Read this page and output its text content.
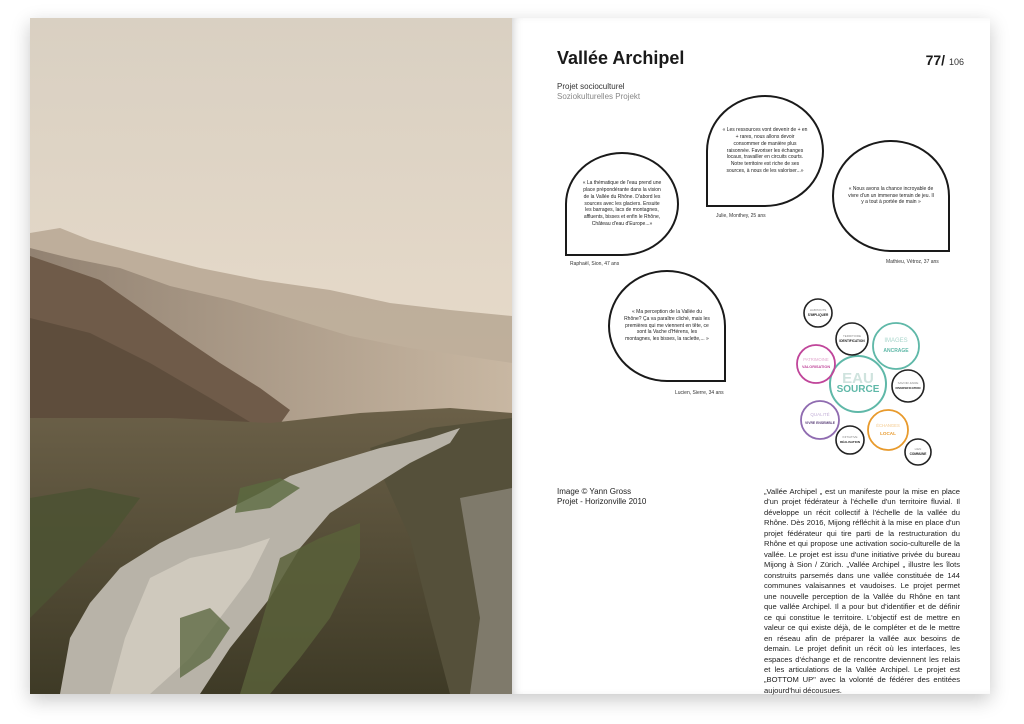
Vallée Archipel	77/ 106
Projet socioculturel
Soziokulturelles Projekt
« La thématique de l'eau prend une place prépondérante dans la vision de la Vallée du Rhône. D'abord les sources avec les glaciers. Ensuite les barrages, lacs de montagnes, affluents, bisses et enfin le Rhône, Château d'eau d'Europe...»
Raphaël, Sion, 47 ans
« Les ressources vont devenir de + en + rares, nous allons devoir consommer de manière plus raisonnée. Favoriser les échanges locaux, travailler en circuits courts. Notre territoire est riche de ses sources, à nous de les valoriser...»
Julie, Monthey, 25 ans
« Nous avons la chance incroyable de vivre d'un un immense terrain de jeu. Il y a tout à portée de main »
Mathieu, Vétroz, 37 ans
« Ma perception de la Vallée du Rhône? Ça va paraître cliché, mais les premières qui me viennent en tête, ce sont la Vache d'Hérens, les montagnes, les bisses, la raclette,... »
Lucien, Sierre, 34 ans
EAU
SOURCE
HABITANTS
S'IMPLIQUER
TERRITOIRE
IDENTIFICATION	IMAGES
ANCRAGE
PATRIMOINE
VALORISATION
SAVOIR-FAIRE
DIVERSIFICATION
QUALITÉ
VIVRE ENSEMBLE	ÉCHANGES
LOCAL
INITIATIVE
RÉALISATION
LIEN
COMMUNE
Image © Yann Gross
Projet - Horizonville 2010
„Vallée Archipel „ est un manifeste pour la mise en place d'un projet fédérateur à l'échelle d'un territoire fluvial. Il développe un récit collectif à l'échelle de la vallée du Rhône. Dès 2016, Mijong réfléchit à la mise en place d'un projet fédérateur qui tire parti de la restructuration du Rhône et qui propose une activation socio-culturelle de la vallée. Le projet est issu d'une initiative privée du bureau Mijong à Sion / Zürich. „Vallée Archipel „ illustre les îlots construits parsemés dans une vallée constituée de 144 communes valaisannes et vaudoises. Le projet permet une nouvelle perception de la Vallée du Rhône en tant que vallée Archipel. Il a pour but d'identifier et de définir ce qui constitue le territoire. L'objectif est de mettre en valeur ce qui existe déjà, de le compléter et de le mettre en réseau afin de préparer la vallée aux besoins de demain. Le projet definit un récit où les interfaces, les espaces d'échange et de rencontre deviennent les relais et les articulations de la Vallée Archipel. Le projet est „BOTTOM UP" avec la volonté de fédérer des entitées aujourd'hui décousues.
